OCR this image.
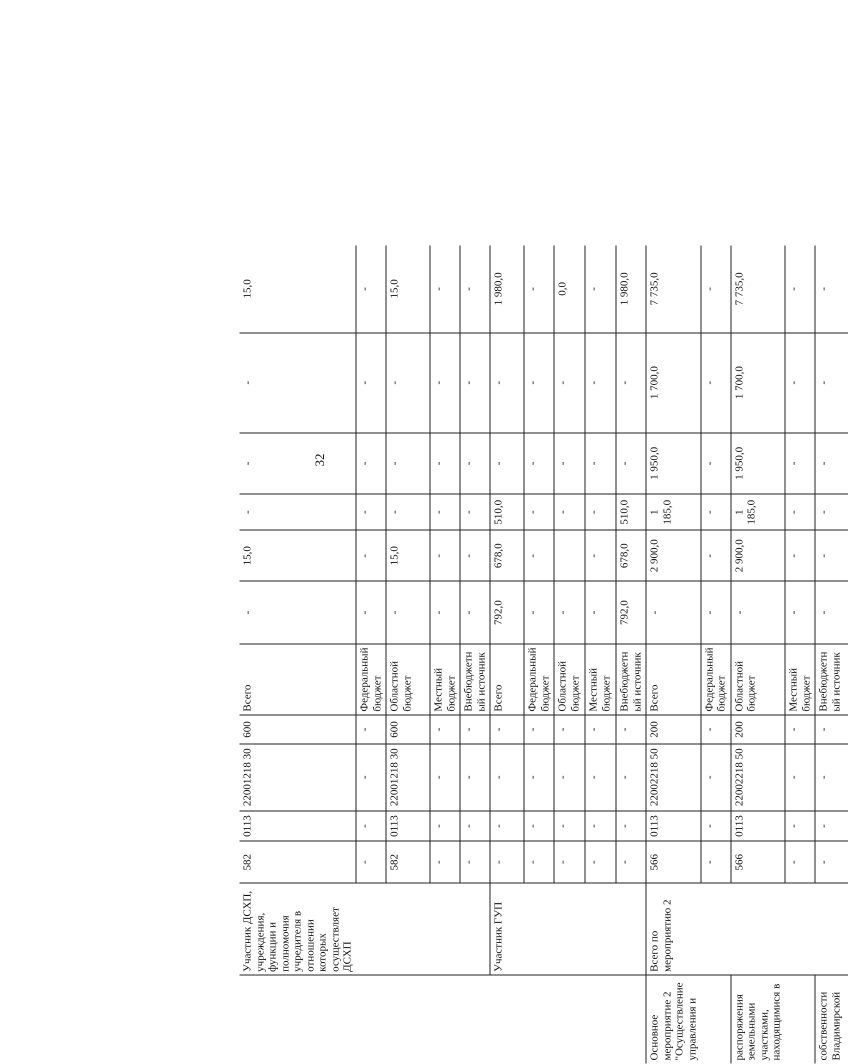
32
	Участник ДСХП, учреждения, функции и полномочия учредителя в отношении которых осуществляет ДСХП	582	0113	22001218 30	600	Всего	-	15,0	-	-	-	15,0
		-	-	-	-	Федеральный бюджет	-	-	-	-	-	-
		582	0113	22001218 30	600	Областной бюджет	-	15,0	-	-	-	15,0
		-	-	-	-	Местный бюджет	-	-	-	-	-	-
		-	-	-	-	Внебюджетный источник	-	-	-	-	-	-
	Участник ГУП	-	-	-	-	Всего	792,0	678,0	510,0	-	-	1 980,0
		-	-	-	-	Федеральный бюджет	-	-	-	-	-	-
		-	-	-	-	Областной бюджет	-		-	-	-	0,0
		-	-	-	-	Местный бюджет	-	-	-	-	-	-
		-	-	-	-	Внебюджетный источник	792,0	678,0	510,0	-	-	1 980,0
Основное мероприятие 2 "Осуществление управления и	Всего по мероприятию 2	566	0113	22002218 50	200	Всего	-	2 900,0	1 185,0	1 950,0	1 700,0	7 735,0
		-	-	-	-	Федеральный бюджет	-	-	-	-	-	-
распоряжения земельными участками, находящимися в		566	0113	22002218 50	200	Областной бюджет	-	2 900,0	1 185,0	1 950,0	1 700,0	7 735,0
		-	-	-	-	Местный бюджет	-	-	-	-	-	-
собственности Владимирской		-	-	-	-	Внебюджетный источник	-	-	-	-	-	-
